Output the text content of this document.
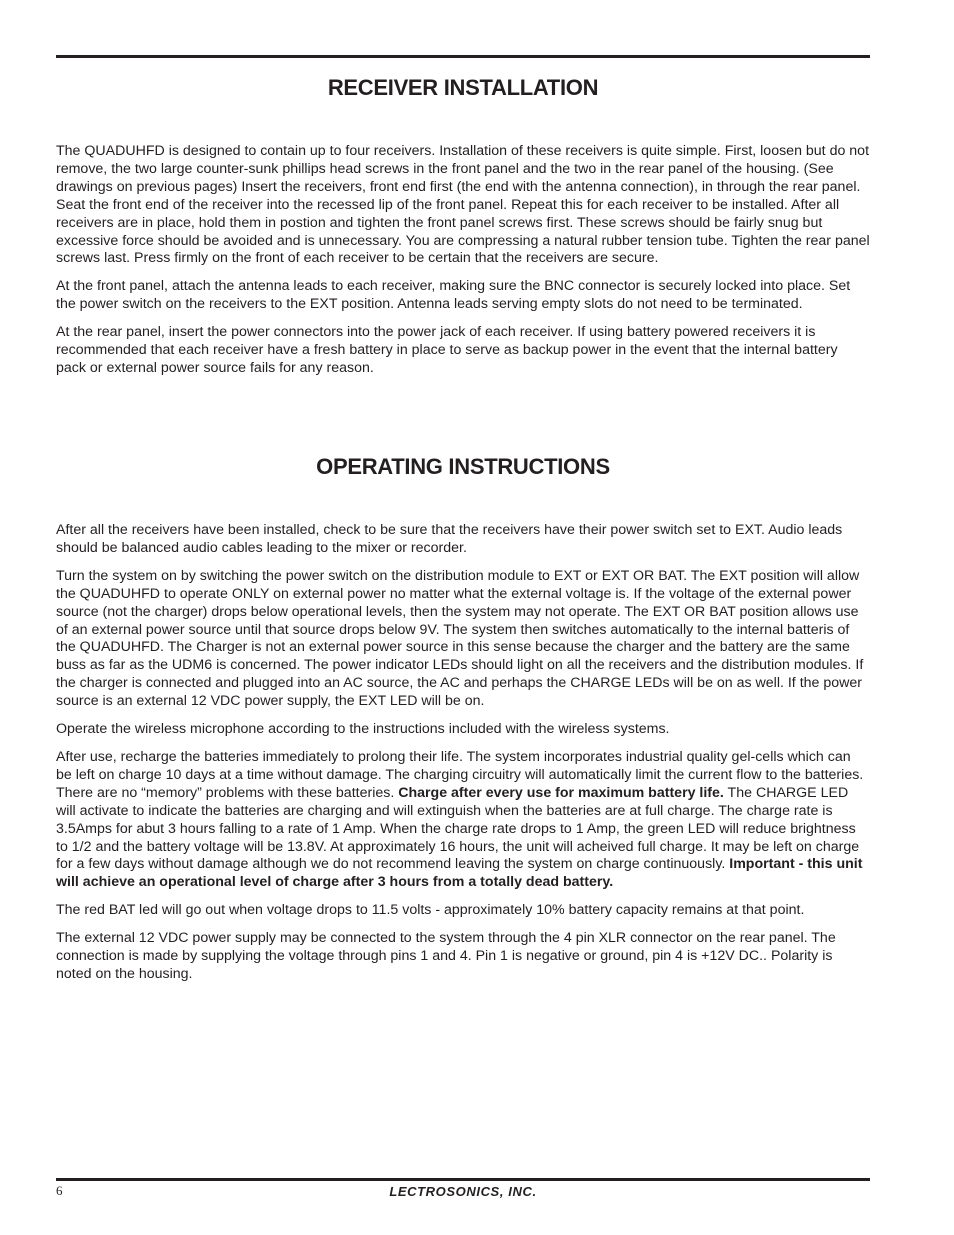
RECEIVER INSTALLATION

The QUADUHFD is designed to contain up to four receivers. Installation of these receivers is quite simple. First, loosen but do not remove, the two large counter-sunk phillips head screws in the front panel and the two in the rear panel of the housing. (See drawings on previous pages) Insert the receivers, front end first (the end with the antenna connection), in through the rear panel. Seat the front end of the receiver into the recessed lip of the front panel. Repeat this for each receiver to be installed. After all receivers are in place, hold them in postion and tighten the front panel screws first. These screws should be fairly snug but excessive force should be avoided and is unnecessary. You are compressing a natural rubber tension tube. Tighten the rear panel screws last. Press firmly on the front of each receiver to be certain that the receivers are secure.

At the front panel, attach the antenna leads to each receiver, making sure the BNC connector is securely locked into place. Set the power switch on the receivers to the EXT position. Antenna leads serving empty slots do not need to be terminated.

At the rear panel, insert the power connectors into the power jack of each receiver. If using battery powered receivers it is recommended that each receiver have a fresh battery in place to serve as backup power in the event that the internal battery pack or external power source fails for any reason.

OPERATING INSTRUCTIONS

After all the receivers have been installed, check to be sure that the receivers have their power switch set to EXT. Audio leads should be balanced audio cables leading to the mixer or recorder.

Turn the system on by switching the power switch on the distribution module to EXT or EXT OR BAT. The EXT position will allow the QUADUHFD to operate ONLY on external power no matter what the external voltage is. If the voltage of the external power source (not the charger) drops below operational levels, then the system may not operate. The EXT OR BAT position allows use of an external power source until that source drops below 9V. The system then switches automatically to the internal batteris of the QUADUHFD. The Charger is not an external power source in this sense because the charger and the battery are the same buss as far as the UDM6 is concerned. The power indicator LEDs should light on all the receivers and the distribution modules. If the charger is connected and plugged into an AC source, the AC and perhaps the CHARGE LEDs will be on as well. If the power source is an external 12 VDC power supply, the EXT LED will be on.

Operate the wireless microphone according to the instructions included with the wireless systems.

After use, recharge the batteries immediately to prolong their life. The system incorporates industrial quality gel-cells which can be left on charge 10 days at a time without damage. The charging circuitry will automatically limit the current flow to the batteries. There are no “memory” problems with these batteries. Charge after every use for maximum battery life. The CHARGE LED will activate to indicate the batteries are charging and will extinguish when the batteries are at full charge. The charge rate is 3.5Amps for abut 3 hours falling to a rate of 1 Amp. When the charge rate drops to 1 Amp, the green LED will reduce brightness to 1/2 and the battery voltage will be 13.8V. At approximately 16 hours, the unit will acheived full charge. It may be left on charge for a few days without damage although we do not recommend leaving the system on charge continuously. Important - this unit will achieve an operational level of charge after 3 hours from a totally dead battery.

The red BAT led will go out when voltage drops to 11.5 volts - approximately 10% battery capacity remains at that point.

The external 12 VDC power supply may be connected to the system through the 4 pin XLR connector on the rear panel. The connection is made by supplying the voltage through pins 1 and 4. Pin 1 is negative or ground, pin 4 is +12V DC.. Polarity is noted on the housing.

6	LECTROSONICS, INC.
